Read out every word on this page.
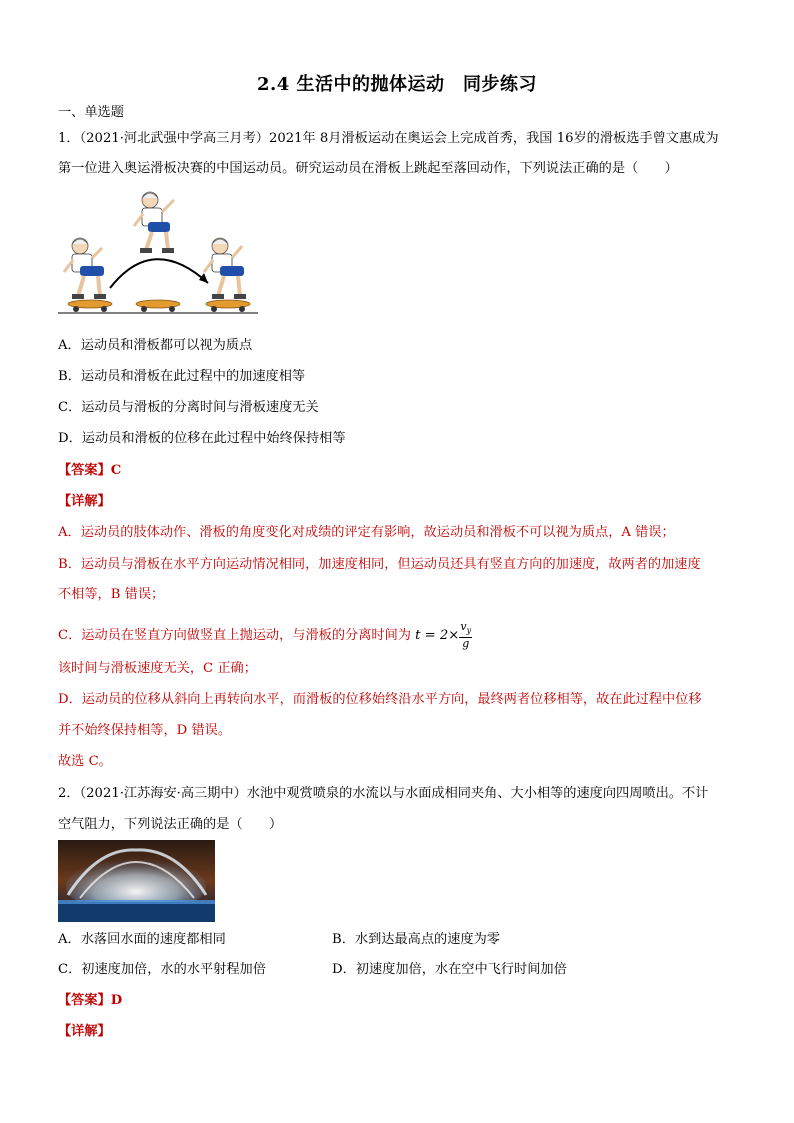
2.4 生活中的抛体运动　同步练习
一、单选题
1．（2021·河北武强中学高三月考）2021年 8月滑板运动在奥运会上完成首秀，我国 16岁的滑板选手曾文惠成为
第一位进入奥运滑板决赛的中国运动员。研究运动员在滑板上跳起至落回动作，下列说法正确的是（　　）
A．运动员和滑板都可以视为质点
B．运动员和滑板在此过程中的加速度相等
C．运动员与滑板的分离时间与滑板速度无关
D．运动员和滑板的位移在此过程中始终保持相等
【答案】C
【详解】
A．运动员的肢体动作、滑板的角度变化对成绩的评定有影响，故运动员和滑板不可以视为质点，A 错误；
B．运动员与滑板在水平方向运动情况相同，加速度相同，但运动员还具有竖直方向的加速度，故两者的加速度
不相等，B 错误；
C．运动员在竖直方向做竖直上抛运动，与滑板的分离时间为 $t = 2\times \frac{v_y}{g}$
该时间与滑板速度无关，C 正确；
D．运动员的位移从斜向上再转向水平，而滑板的位移始终沿水平方向，最终两者位移相等，故在此过程中位移
并不始终保持相等，D 错误。
故选 C。
2．（2021·江苏海安·高三期中）水池中观赏喷泉的水流以与水面成相同夹角、大小相等的速度向四周喷出。不计
空气阻力，下列说法正确的是（　　）
A．水落回水面的速度都相同	B．水到达最高点的速度为零
C．初速度加倍，水的水平射程加倍	D．初速度加倍，水在空中飞行时间加倍
【答案】D
【详解】
